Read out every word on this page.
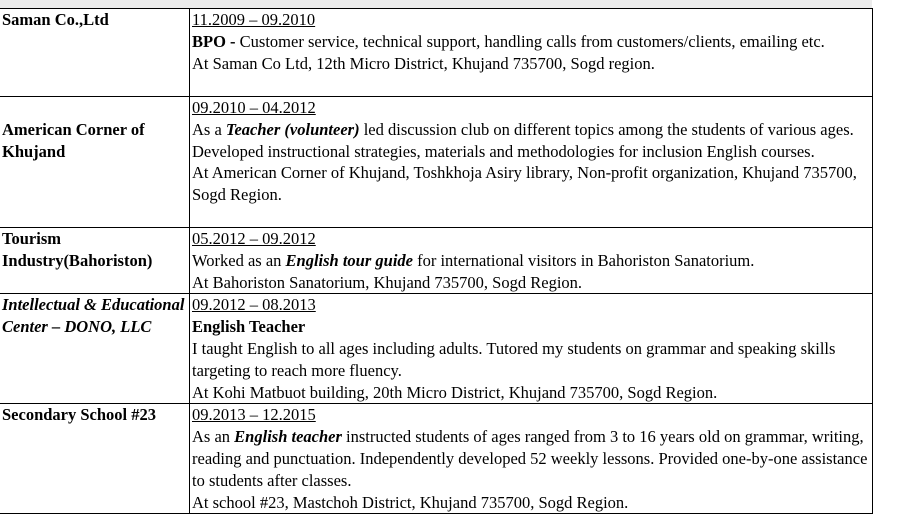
Saman Co.,Ltd	11.2009 – 09.2010
BPO - Customer service, technical support, handling calls from customers/clients, emailing etc.
At Saman Co Ltd, 12th Micro District, Khujand 735700, Sogd region.

American Corner of Khujand	09.2010 – 04.2012
As a Teacher (volunteer) led discussion club on different topics among the students of various ages. Developed instructional strategies, materials and methodologies for inclusion English courses.
At American Corner of Khujand, Toshkhoja Asiry library, Non-profit organization, Khujand 735700, Sogd Region.

Tourism Industry(Bahoriston)	05.2012 – 09.2012
Worked as an English tour guide for international visitors in Bahoriston Sanatorium.
At Bahoriston Sanatorium, Khujand 735700, Sogd Region.

Intellectual & Educational Center – DONO, LLC	09.2012 – 08.2013
English Teacher
I taught English to all ages including adults. Tutored my students on grammar and speaking skills targeting to reach more fluency.
At Kohi Matbuot building, 20th Micro District, Khujand 735700, Sogd Region.

Secondary School #23	09.2013 – 12.2015
As an English teacher instructed students of ages ranged from 3 to 16 years old on grammar, writing, reading and punctuation. Independently developed 52 weekly lessons. Provided one-by-one assistance to students after classes.
At school #23, Mastchoh District, Khujand 735700, Sogd Region.
